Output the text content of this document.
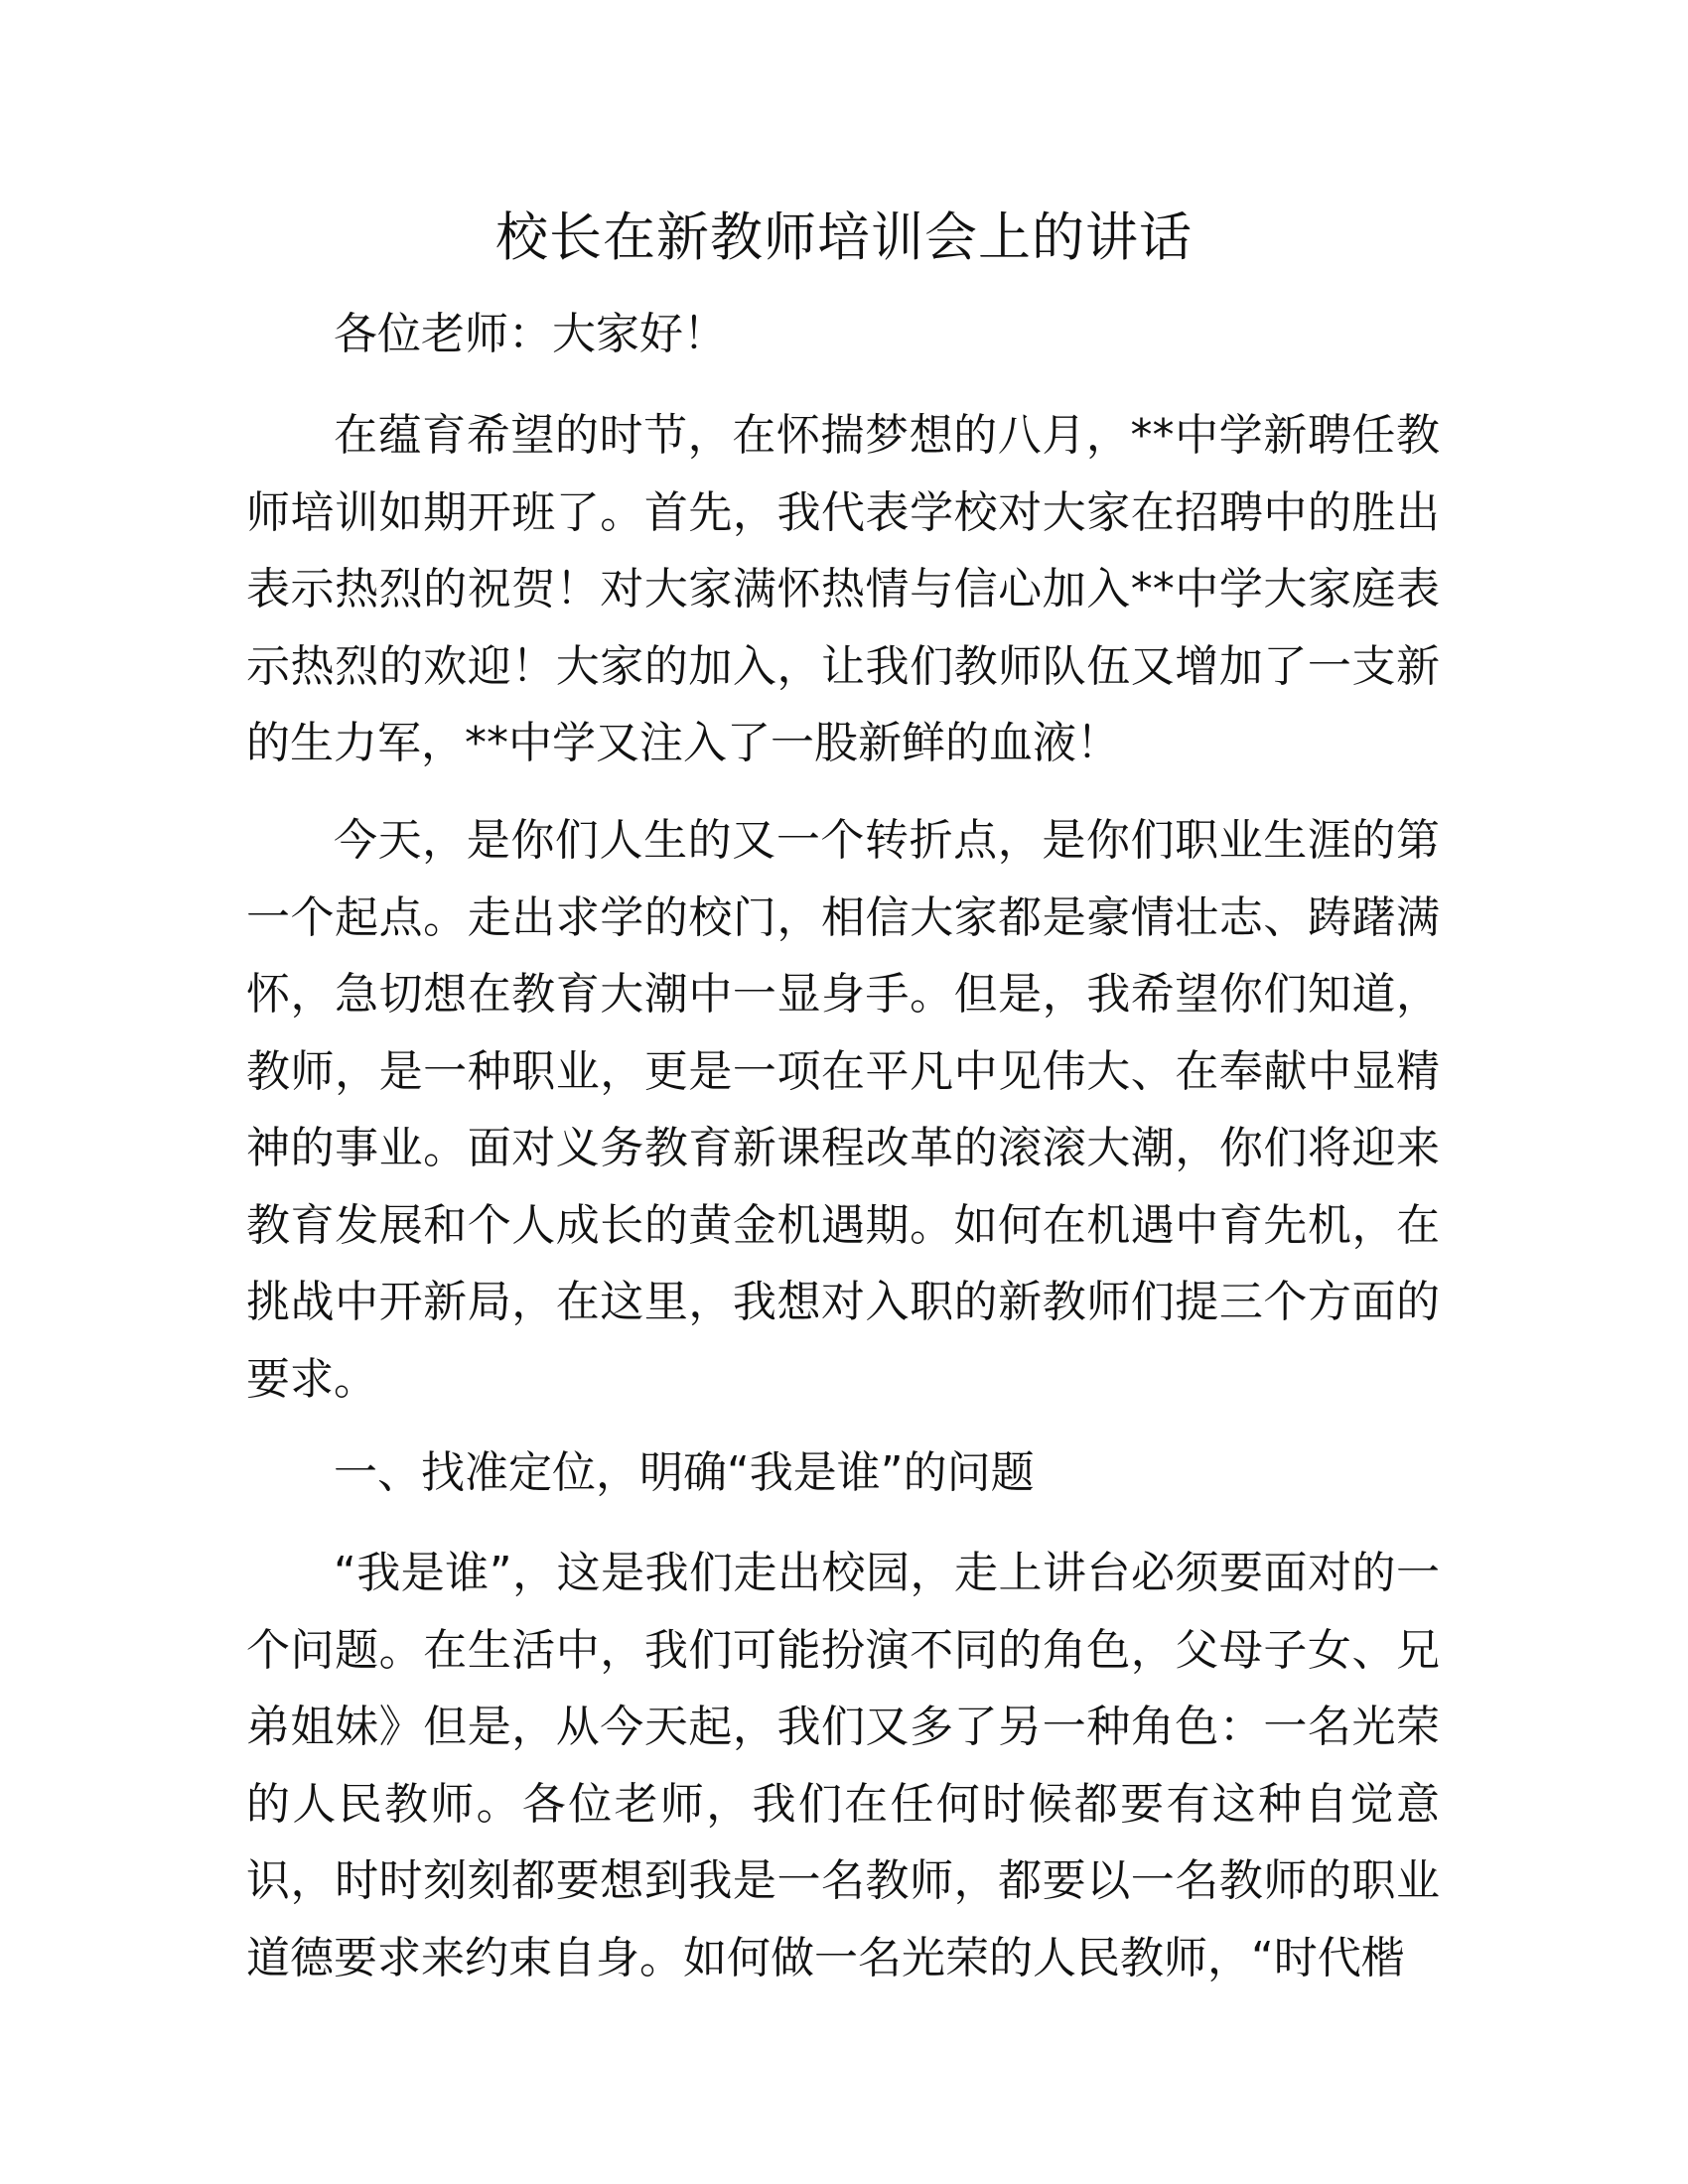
校长在新教师培训会上的讲话

各位老师：大家好！

在蕴育希望的时节，在怀揣梦想的八月，**中学新聘任教师培训如期开班了。首先，我代表学校对大家在招聘中的胜出表示热烈的祝贺！对大家满怀热情与信心加入**中学大家庭表示热烈的欢迎！大家的加入，让我们教师队伍又增加了一支新的生力军，**中学又注入了一股新鲜的血液！

今天，是你们人生的又一个转折点，是你们职业生涯的第一个起点。走出求学的校门，相信大家都是豪情壮志、踌躇满怀，急切想在教育大潮中一显身手。但是，我希望你们知道，教师，是一种职业，更是一项在平凡中见伟大、在奉献中显精神的事业。面对义务教育新课程改革的滚滚大潮，你们将迎来教育发展和个人成长的黄金机遇期。如何在机遇中育先机，在挑战中开新局，在这里，我想对入职的新教师们提三个方面的要求。

一、找准定位，明确“我是谁”的问题

“我是谁”，这是我们走出校园，走上讲台必须要面对的一个问题。在生活中，我们可能扮演不同的角色，父母子女、兄弟姐妹》但是，从今天起，我们又多了另一种角色：一名光荣的人民教师。各位老师，我们在任何时候都要有这种自觉意识，时时刻刻都要想到我是一名教师，都要以一名教师的职业道德要求来约束自身。如何做一名光荣的人民教师，“时代楷
